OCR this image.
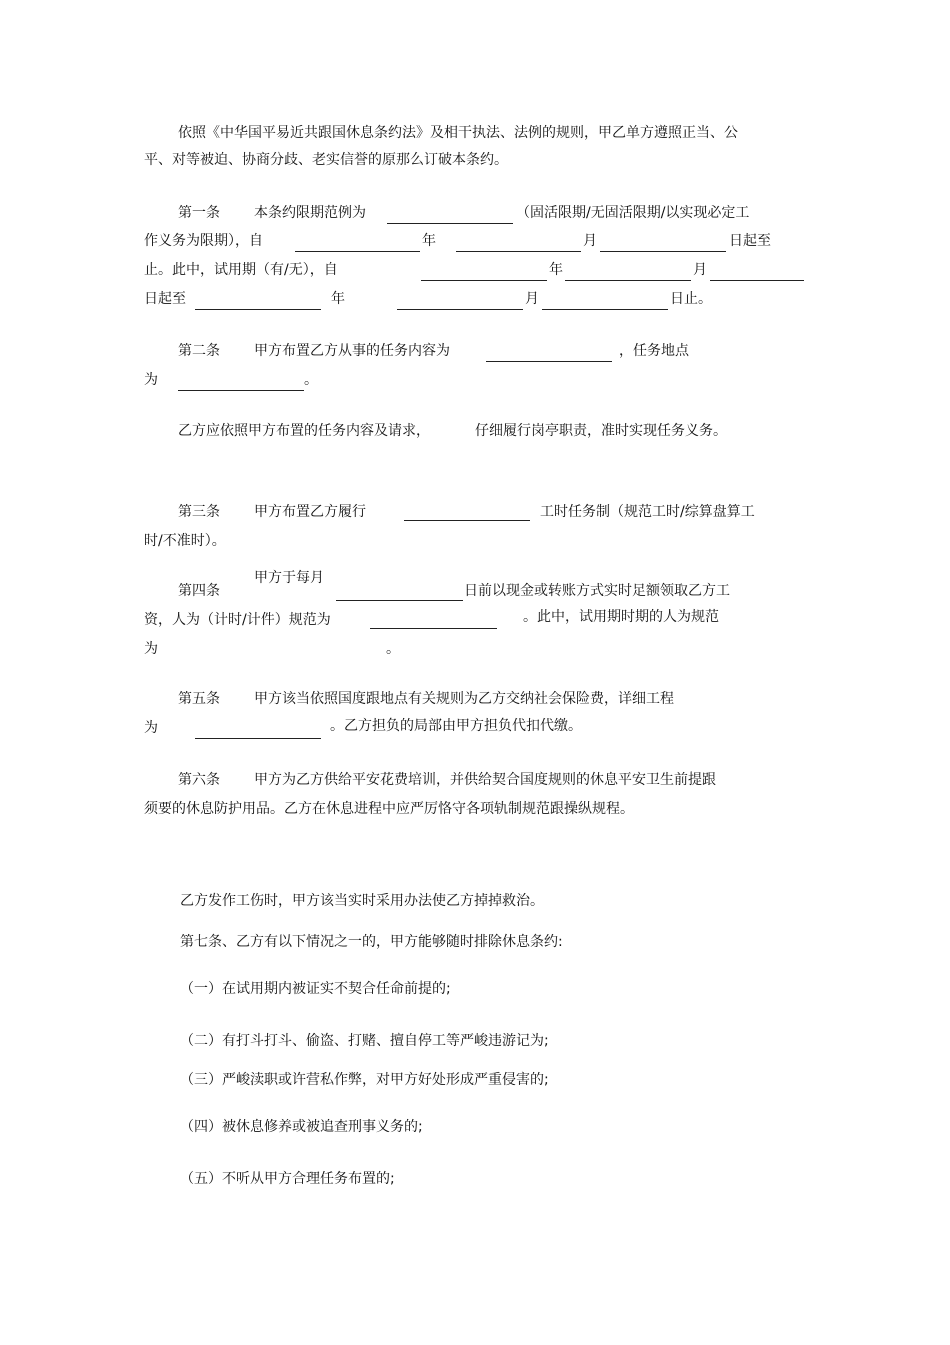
依照《中华国平易近共跟国休息条约法》及相干执法、法例的规则，甲乙单方遵照正当、公
平、对等被迫、协商分歧、老实信誉的原那么订破本条约。
第一条 本条约限期范例为	（固活限期/无固活限期/以实现必定工
作义务为限期），自	年	月	日起至
止。此中，试用期（有/无），自	年	月
日起至	年	月	日止。
第二条 甲方布置乙方从事的任务内容为	，任务地点
为	。
乙方应依照甲方布置的任务内容及请求，	仔细履行岗亭职责，准时实现任务义务。
第三条 甲方布置乙方履行	工时任务制（规范工时/综算盘算工
时/不准时）。
第四条
甲方于每月
日前以现金或转账方式实时足额领取乙方工
资，人为（计时/计件）规范为	。此中，试用期时期的人为规范
为	。
第五条 甲方该当依照国度跟地点有关规则为乙方交纳社会保险费，详细工程
为	。乙方担负的局部由甲方担负代扣代缴。
第六条 甲方为乙方供给平安花费培训，并供给契合国度规则的休息平安卫生前提跟
须要的休息防护用品。乙方在休息进程中应严厉恪守各项轨制规范跟操纵规程。
乙方发作工伤时，甲方该当实时采用办法使乙方掉掉救治。
第七条、乙方有以下情况之一的，甲方能够随时排除休息条约:
（一）在试用期内被证实不契合任命前提的;
（二）有打斗打斗、偷盗、打赌、擅自停工等严峻违游记为;
（三）严峻渎职或许营私作弊，对甲方好处形成严重侵害的;
（四）被休息修养或被追查刑事义务的;
（五）不听从甲方合理任务布置的;
